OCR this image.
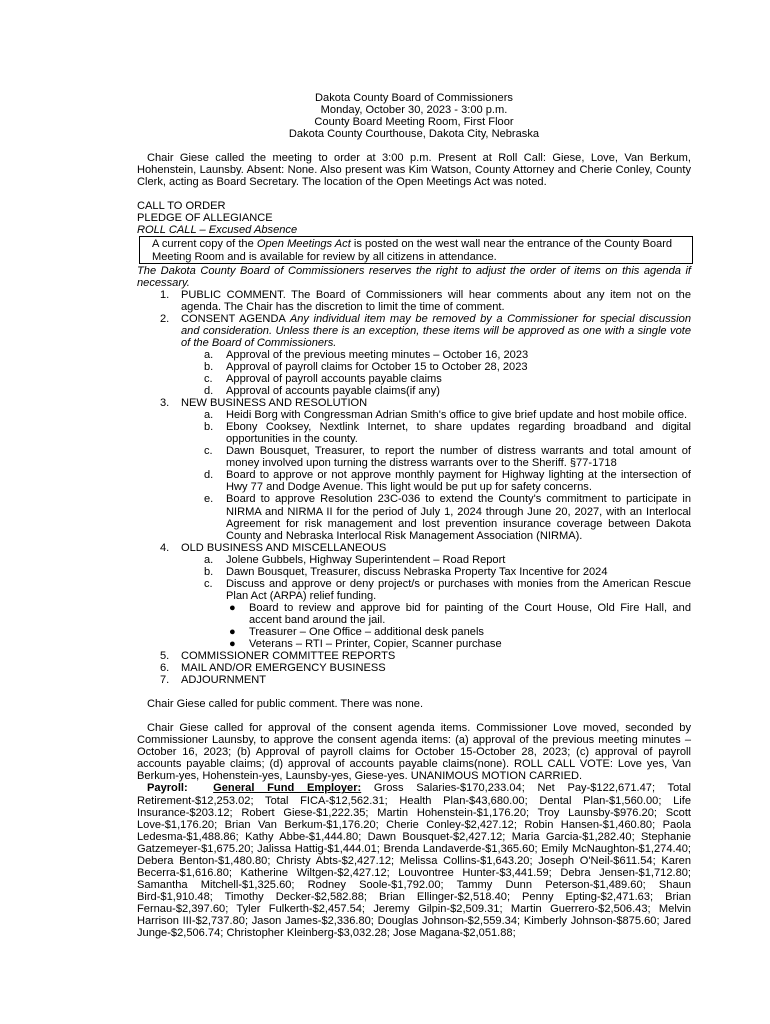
Dakota County Board of Commissioners
Monday, October 30, 2023 - 3:00 p.m.
County Board Meeting Room, First Floor
Dakota County Courthouse, Dakota City, Nebraska

Chair Giese called the meeting to order at 3:00 p.m. Present at Roll Call: Giese, Love, Van Berkum, Hohenstein, Launsby. Absent: None. Also present was Kim Watson, County Attorney and Cherie Conley, County Clerk, acting as Board Secretary. The location of the Open Meetings Act was noted.

CALL TO ORDER
PLEDGE OF ALLEGIANCE
ROLL CALL – Excused Absence
A current copy of the Open Meetings Act is posted on the west wall near the entrance of the County Board Meeting Room and is available for review by all citizens in attendance.
The Dakota County Board of Commissioners reserves the right to adjust the order of items on this agenda if necessary.
1. PUBLIC COMMENT. The Board of Commissioners will hear comments about any item not on the agenda. The Chair has the discretion to limit the time of comment.
2. CONSENT AGENDA Any individual item may be removed by a Commissioner for special discussion and consideration. Unless there is an exception, these items will be approved as one with a single vote of the Board of Commissioners.
a. Approval of the previous meeting minutes – October 16, 2023
b. Approval of payroll claims for October 15 to October 28, 2023
c. Approval of payroll accounts payable claims
d. Approval of accounts payable claims(if any)
3. NEW BUSINESS AND RESOLUTION
a. Heidi Borg with Congressman Adrian Smith's office to give brief update and host mobile office.
b. Ebony Cooksey, Nextlink Internet, to share updates regarding broadband and digital opportunities in the county.
c. Dawn Bousquet, Treasurer, to report the number of distress warrants and total amount of money involved upon turning the distress warrants over to the Sheriff. §77-1718
d. Board to approve or not approve monthly payment for Highway lighting at the intersection of Hwy 77 and Dodge Avenue. This light would be put up for safety concerns.
e. Board to approve Resolution 23C-036 to extend the County's commitment to participate in NIRMA and NIRMA II for the period of July 1, 2024 through June 20, 2027, with an Interlocal Agreement for risk management and lost prevention insurance coverage between Dakota County and Nebraska Interlocal Risk Management Association (NIRMA).
4. OLD BUSINESS AND MISCELLANEOUS
a. Jolene Gubbels, Highway Superintendent – Road Report
b. Dawn Bousquet, Treasurer, discuss Nebraska Property Tax Incentive for 2024
c. Discuss and approve or deny project/s or purchases with monies from the American Rescue Plan Act (ARPA) relief funding.
● Board to review and approve bid for painting of the Court House, Old Fire Hall, and accent band around the jail.
● Treasurer – One Office – additional desk panels
● Veterans – RTI – Printer, Copier, Scanner purchase
5. COMMISSIONER COMMITTEE REPORTS
6. MAIL AND/OR EMERGENCY BUSINESS
7. ADJOURNMENT

Chair Giese called for public comment. There was none.

Chair Giese called for approval of the consent agenda items. Commissioner Love moved, seconded by Commissioner Launsby, to approve the consent agenda items: (a) approval of the previous meeting minutes – October 16, 2023; (b) Approval of payroll claims for October 15-October 28, 2023; (c) approval of payroll accounts payable claims; (d) approval of accounts payable claims(none). ROLL CALL VOTE: Love yes, Van Berkum-yes, Hohenstein-yes, Launsby-yes, Giese-yes. UNANIMOUS MOTION CARRIED.

Payroll: General Fund Employer: Gross Salaries-$170,233.04; Net Pay-$122,671.47; Total Retirement-$12,253.02; Total FICA-$12,562.31; Health Plan-$43,680.00; Dental Plan-$1,560.00; Life Insurance-$203.12; Robert Giese-$1,222.35; Martin Hohenstein-$1,176.20; Troy Launsby-$976.20; Scott Love-$1,176.20; Brian Van Berkum-$1,176.20; Cherie Conley-$2,427.12; Robin Hansen-$1,460.80; Paola Ledesma-$1,488.86; Kathy Abbe-$1,444.80; Dawn Bousquet-$2,427.12; Maria Garcia-$1,282.40; Stephanie Gatzemeyer-$1,675.20; Jalissa Hattig-$1,444.01; Brenda Landaverde-$1,365.60; Emily McNaughton-$1,274.40; Debera Benton-$1,480.80; Christy Abts-$2,427.12; Melissa Collins-$1,643.20; Joseph O'Neil-$611.54; Karen Becerra-$1,616.80; Katherine Wiltgen-$2,427.12; Louvontree Hunter-$3,441.59; Debra Jensen-$1,712.80; Samantha Mitchell-$1,325.60; Rodney Soole-$1,792.00; Tammy Dunn Peterson-$1,489.60; Shaun Bird-$1,910.48; Timothy Decker-$2,582.88; Brian Ellinger-$2,518.40; Penny Epting-$2,471.63; Brian Fernau-$2,397.60; Tyler Fulkerth-$2,457.54; Jeremy Gilpin-$2,509.31; Martin Guerrero-$2,506.43; Melvin Harrison III-$2,737.80; Jason James-$2,336.80; Douglas Johnson-$2,559.34; Kimberly Johnson-$875.60; Jared Junge-$2,506.74; Christopher Kleinberg-$3,032.28; Jose Magana-$2,051.88;
